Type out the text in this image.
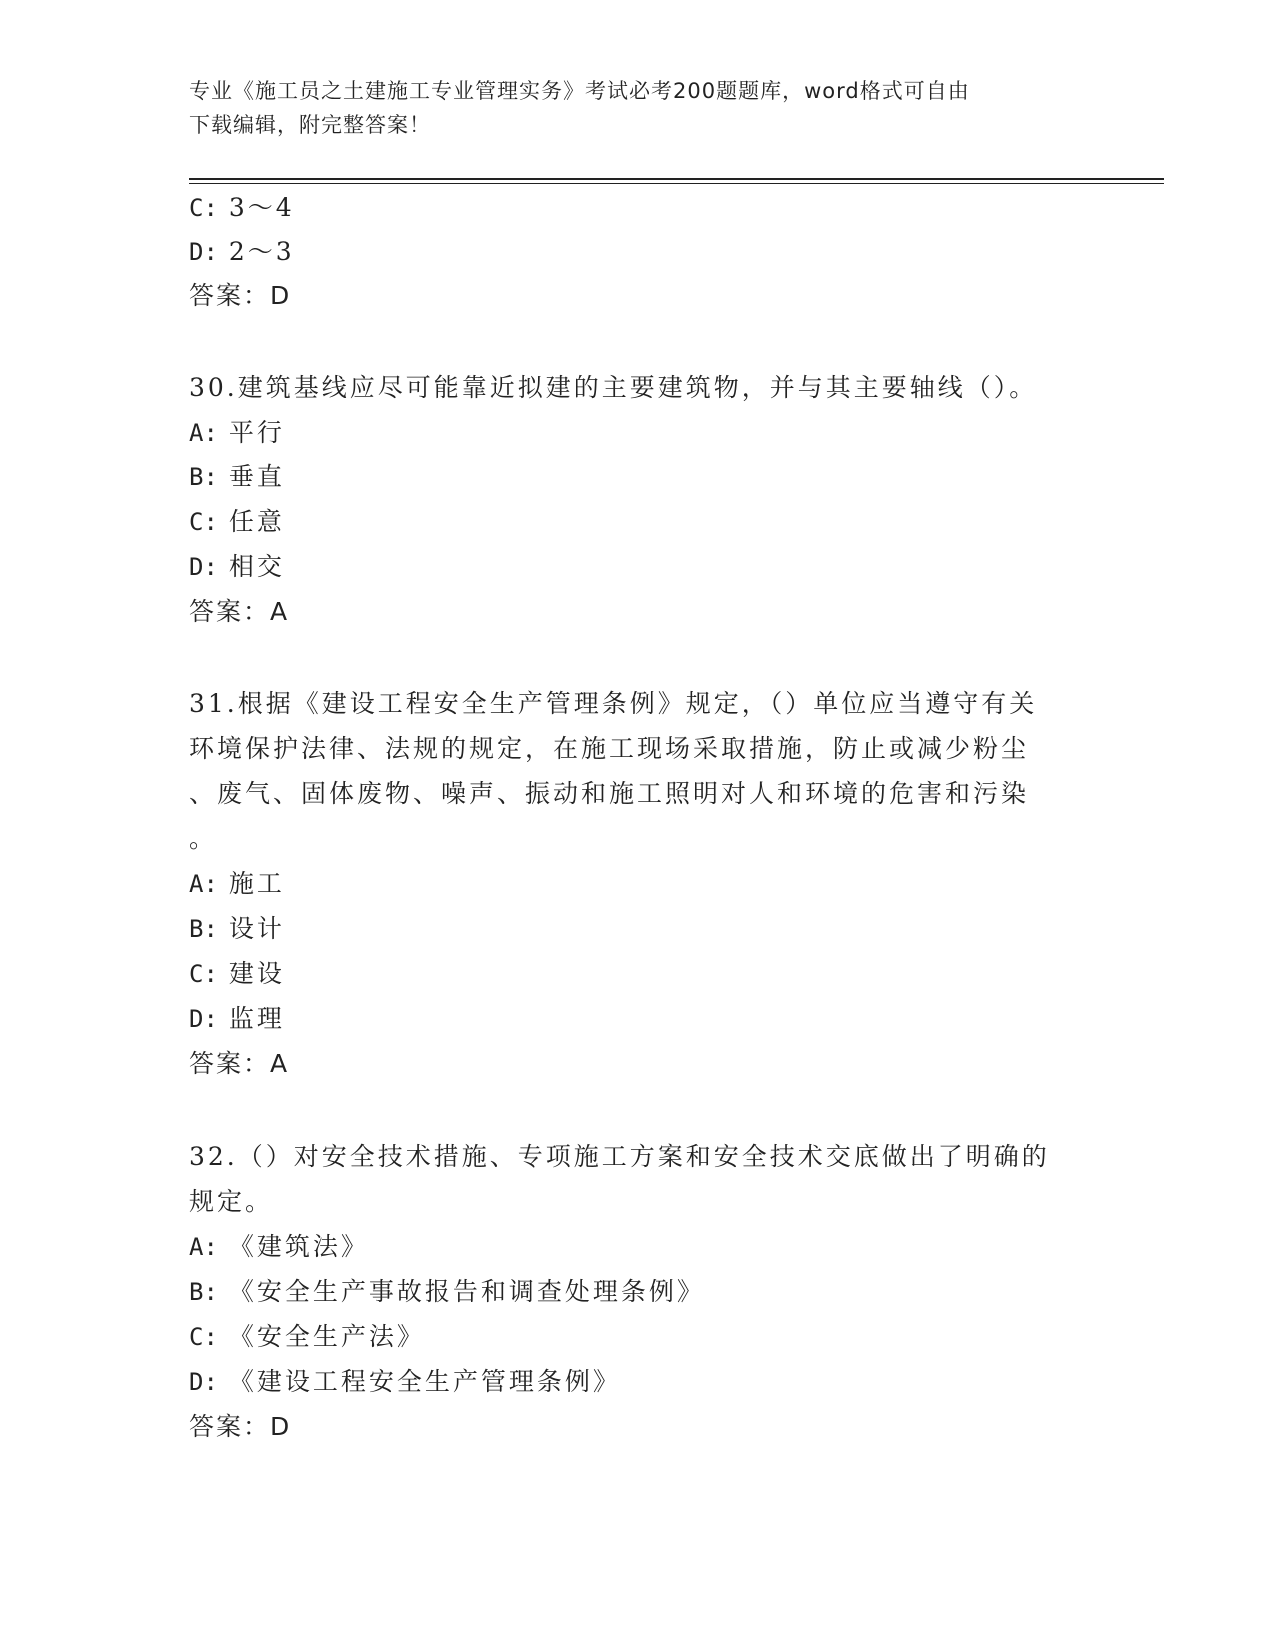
专业《施工员之土建施工专业管理实务》考试必考200题题库，word格式可自由
下载编辑，附完整答案！
C: 3～4
D: 2～3
答案：D
30.建筑基线应尽可能靠近拟建的主要建筑物，并与其主要轴线（）。
A: 平行
B: 垂直
C: 任意
D: 相交
答案：A
31.根据《建设工程安全生产管理条例》规定，（）单位应当遵守有关
环境保护法律、法规的规定，在施工现场采取措施，防止或减少粉尘
、废气、固体废物、噪声、振动和施工照明对人和环境的危害和污染
。
A: 施工
B: 设计
C: 建设
D: 监理
答案：A
32.（）对安全技术措施、专项施工方案和安全技术交底做出了明确的
规定。
A: 《建筑法》
B: 《安全生产事故报告和调查处理条例》
C: 《安全生产法》
D: 《建设工程安全生产管理条例》
答案：D
